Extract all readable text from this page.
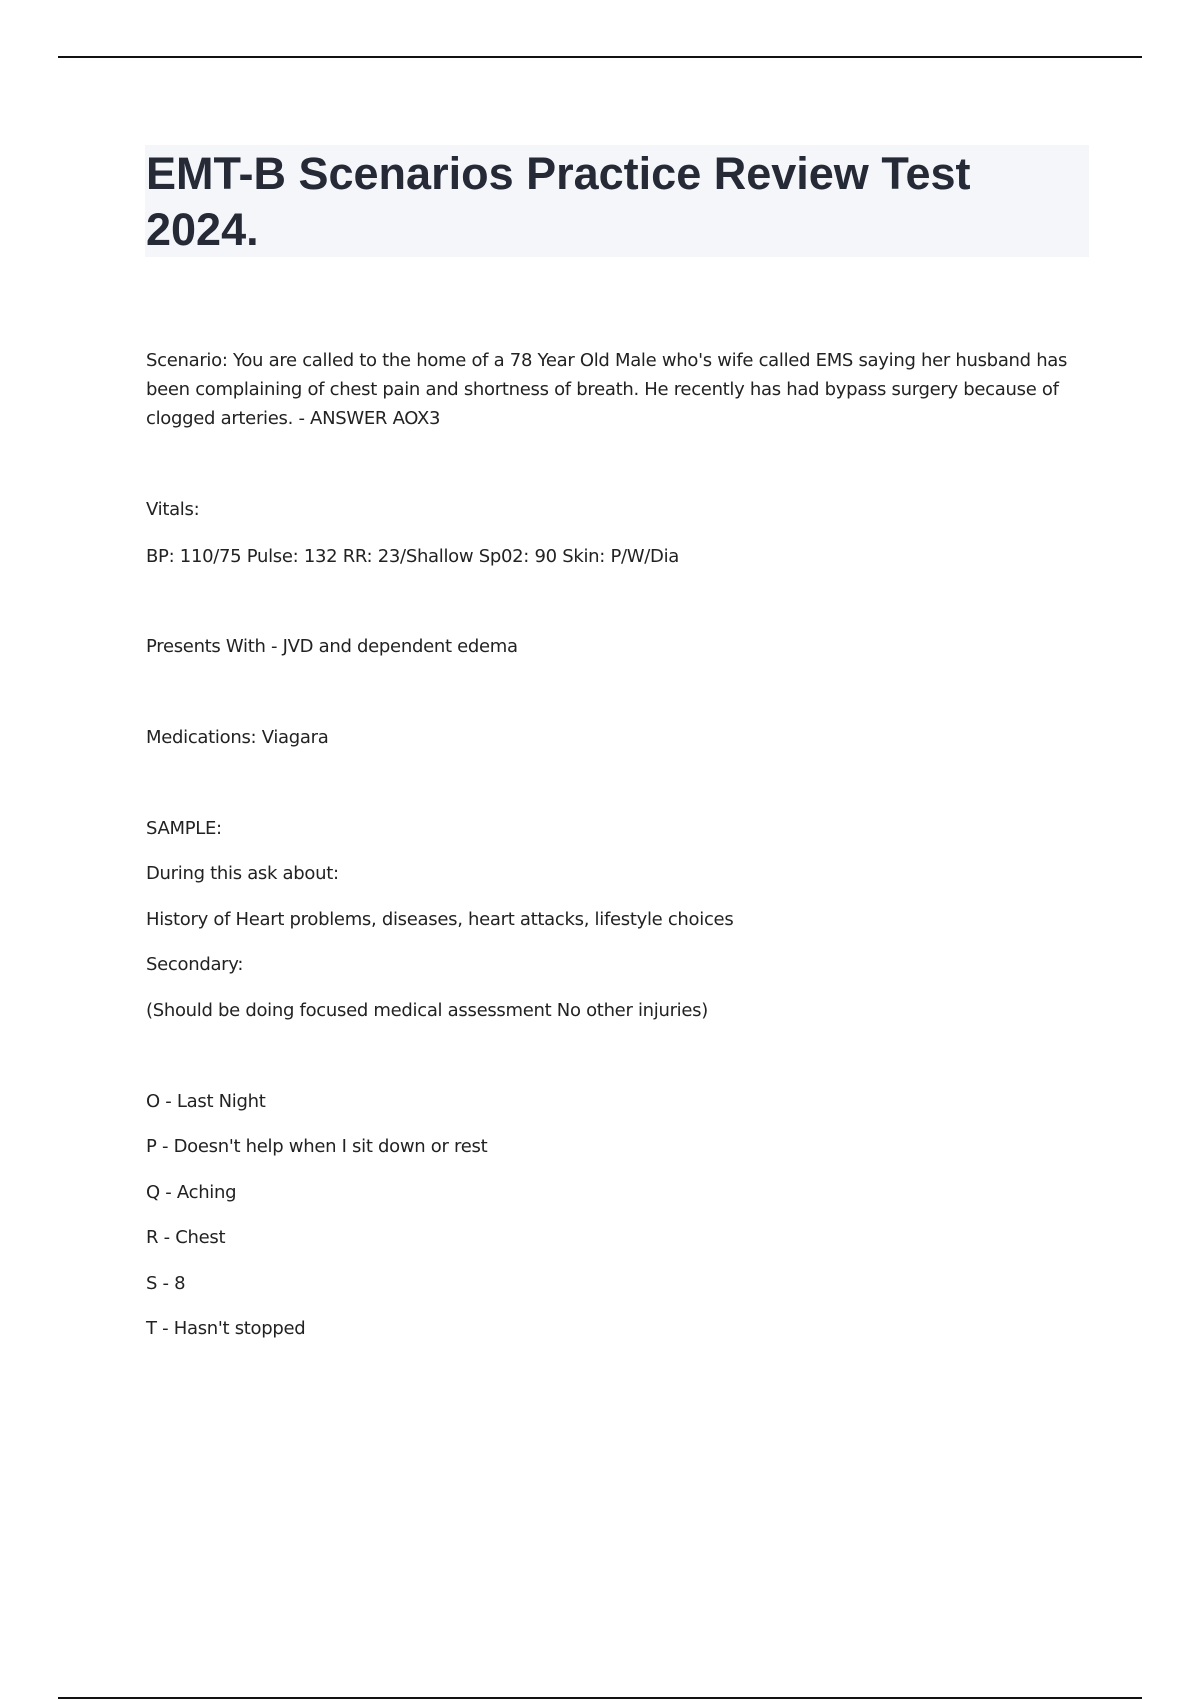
EMT-B Scenarios Practice Review Test 2024.

Scenario: You are called to the home of a 78 Year Old Male who's wife called EMS saying her husband has been complaining of chest pain and shortness of breath. He recently has had bypass surgery because of clogged arteries. - ANSWER AOX3

Vitals:

BP: 110/75 Pulse: 132 RR: 23/Shallow Sp02: 90 Skin: P/W/Dia

Presents With - JVD and dependent edema

Medications: Viagara

SAMPLE:

During this ask about:

History of Heart problems, diseases, heart attacks, lifestyle choices

Secondary:

(Should be doing focused medical assessment No other injuries)

O - Last Night

P - Doesn't help when I sit down or rest

Q - Aching

R - Chest

S - 8

T - Hasn't stopped
